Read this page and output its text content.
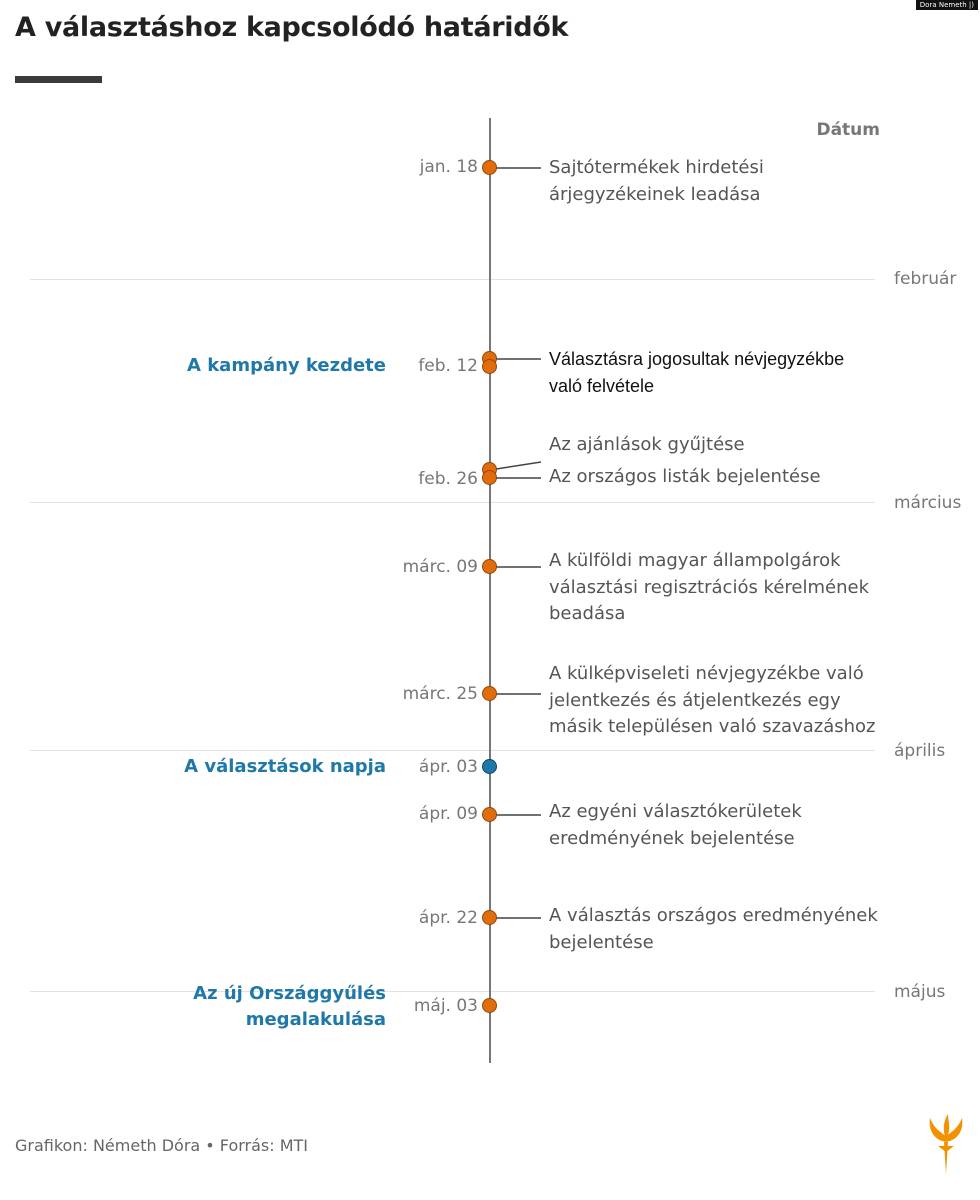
A választáshoz kapcsolódó határidők
Dora Nemeth |)
Dátum
február
március
április
május
A kampány kezdete
A választások napja
Az új Országgyűlés megalakulása
jan. 18
feb. 12
feb. 26
márc. 09
márc. 25
ápr. 03
ápr. 09
ápr. 22
máj. 03
Sajtótermékek hirdetési árjegyzékeinek leadása
Választásra jogosultak névjegyzékbe való felvétele
Az ajánlások gyűjtése
Az országos listák bejelentése
A külföldi magyar állampolgárok választási regisztrációs kérelmének beadása
A külképviseleti névjegyzékbe való jelentkezés és átjelentkezés egy másik településen való szavazáshoz
Az egyéni választókerületek eredményének bejelentése
A választás országos eredményének bejelentése
Grafikon: Németh Dóra • Forrás: MTI
